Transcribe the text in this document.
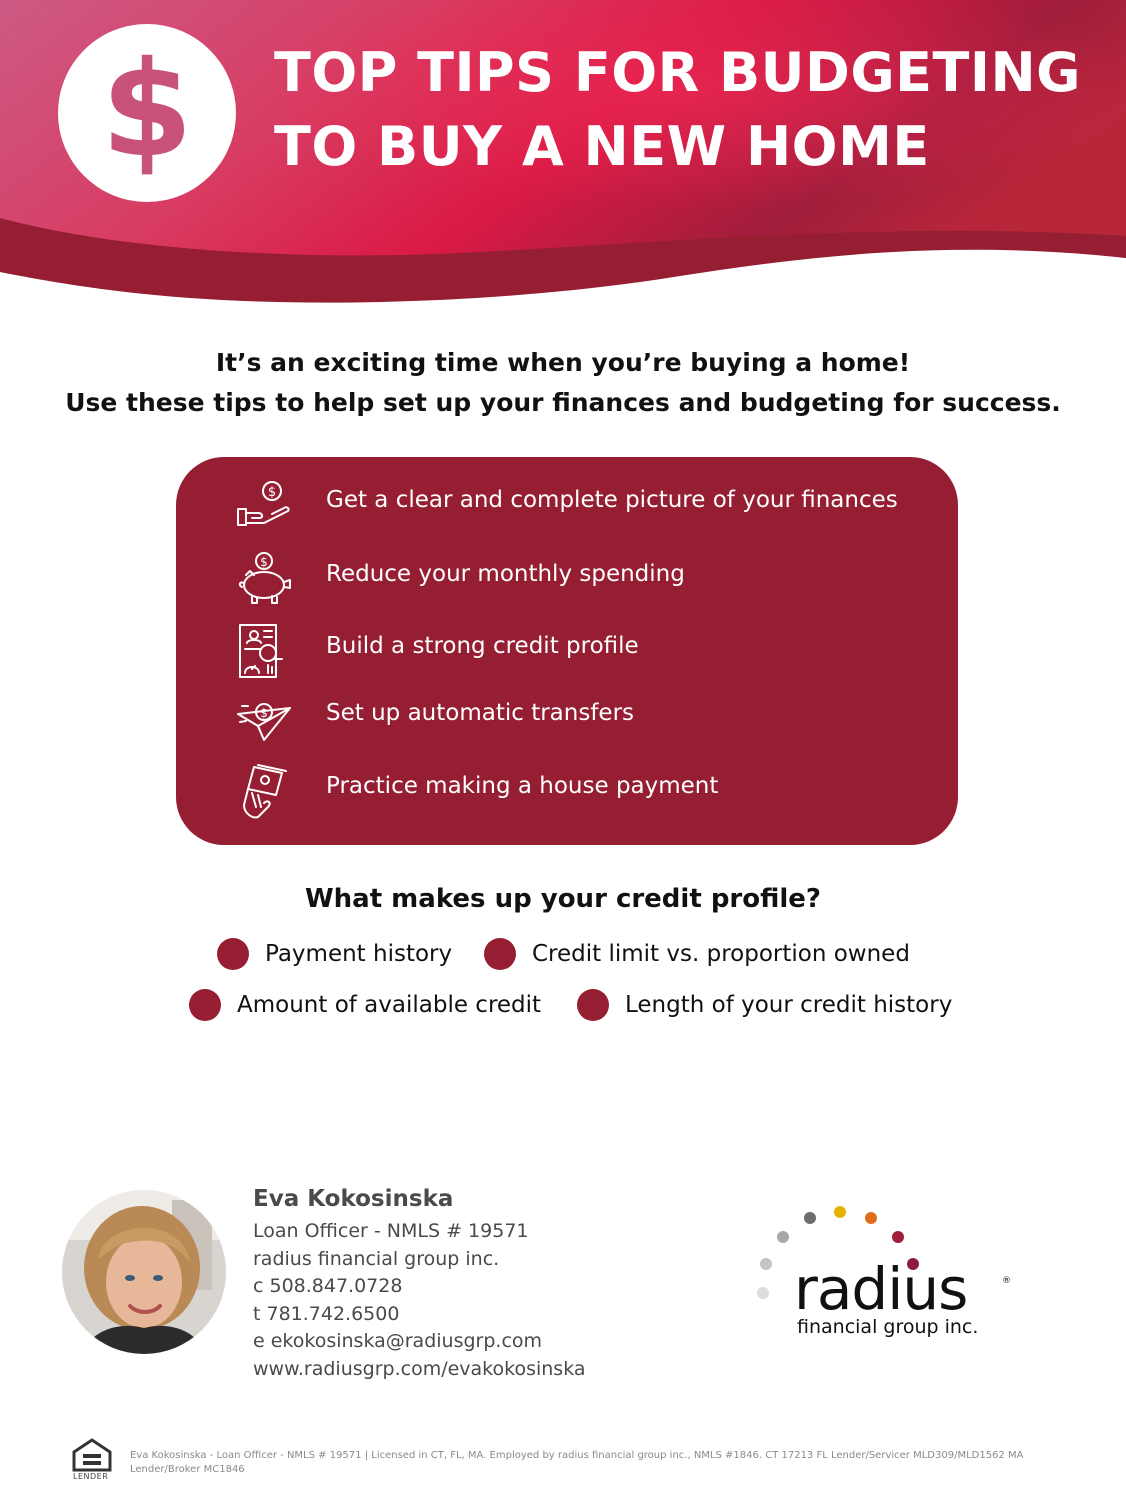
$ TOP TIPS FOR BUDGETING
TO BUY A NEW HOME
It’s an exciting time when you’re buying a home!
Use these tips to help set up your finances and budgeting for success.
$ Get a clear and complete picture of your finances
$	Reduce your monthly spending
Build a strong credit profile
$	Set up automatic transfers
Practice making a house payment
What makes up your credit profile?
Payment history	Credit limit vs. proportion owned
Amount of available credit	Length of your credit history
Eva Kokosinska
Loan Officer - NMLS # 19571
radius financial group inc.
c 508.847.0728
t 781.742.6500
e ekokosinska@radiusgrp.com
www.radiusgrp.com/evakokosinska
radius	®
financial group inc.
LENDER
Eva Kokosinska - Loan Officer - NMLS # 19571 | Licensed in CT, FL, MA. Employed by radius financial group inc., NMLS #1846. CT 17213 FL Lender/Servicer MLD309/MLD1562 MA Lender/Broker MC1846
